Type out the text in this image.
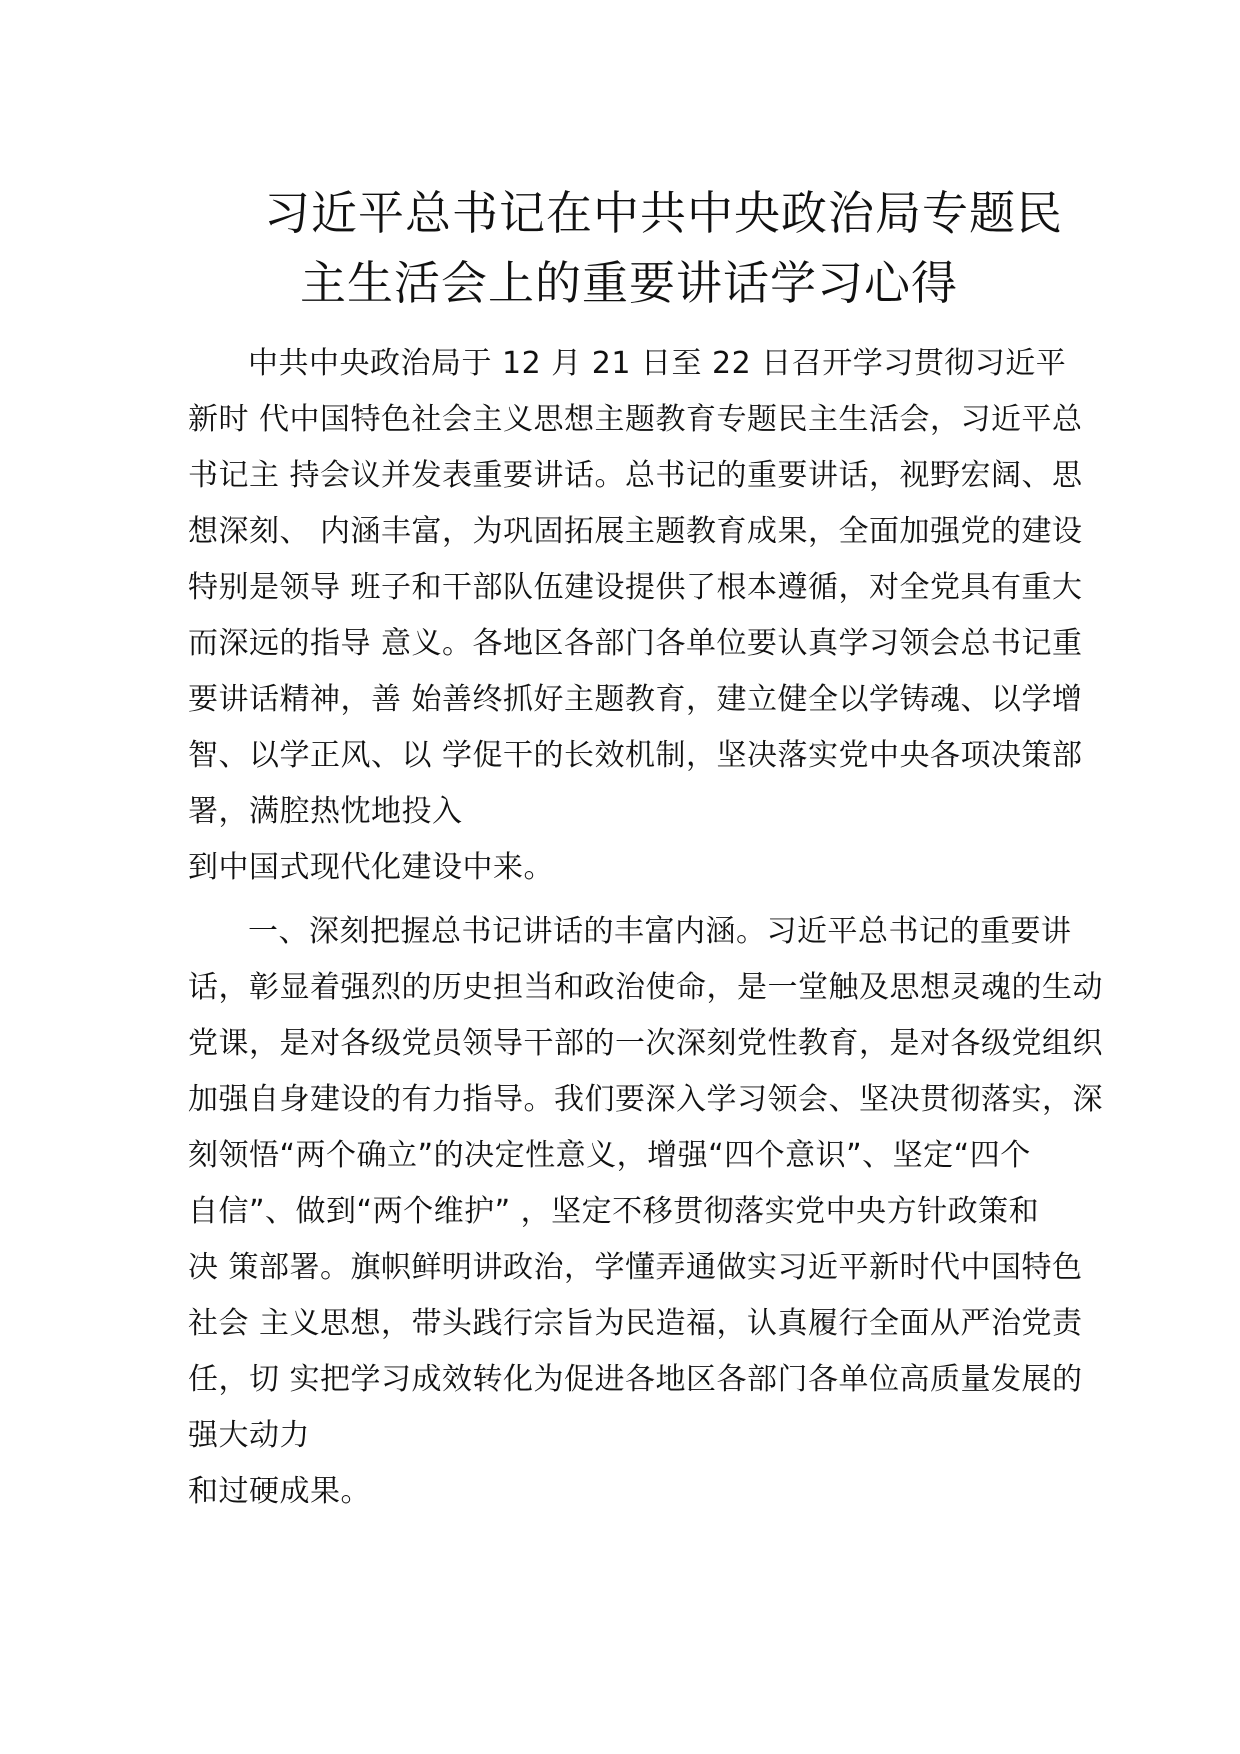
习近平总书记在中共中央政治局专题民
主生活会上的重要讲话学习心得
中共中央政治局于 12 月 21 日至 22 日召开学习贯彻习近平
新时 代中国特色社会主义思想主题教育专题民主生活会，习近平总
书记主 持会议并发表重要讲话。总书记的重要讲话，视野宏阔、思
想深刻、 内涵丰富，为巩固拓展主题教育成果，全面加强党的建设
特别是领导 班子和干部队伍建设提供了根本遵循，对全党具有重大
而深远的指导 意义。各地区各部门各单位要认真学习领会总书记重
要讲话精神，善 始善终抓好主题教育，建立健全以学铸魂、以学增
智、以学正风、以 学促干的长效机制，坚决落实党中央各项决策部
署，满腔热忱地投入
到中国式现代化建设中来。
一、深刻把握总书记讲话的丰富内涵。习近平总书记的重要讲
话，彰显着强烈的历史担当和政治使命，是一堂触及思想灵魂的生动
党课，是对各级党员领导干部的一次深刻党性教育，是对各级党组织
加强自身建设的有力指导。我们要深入学习领会、坚决贯彻落实，深
刻领悟“两个确立”的决定性意义，增强“四个意识”、坚定“四个
自信”、做到“两个维护” ，坚定不移贯彻落实党中央方针政策和
决 策部署。旗帜鲜明讲政治，学懂弄通做实习近平新时代中国特色
社会 主义思想，带头践行宗旨为民造福，认真履行全面从严治党责
任，切 实把学习成效转化为促进各地区各部门各单位高质量发展的
强大动力
和过硬成果。
